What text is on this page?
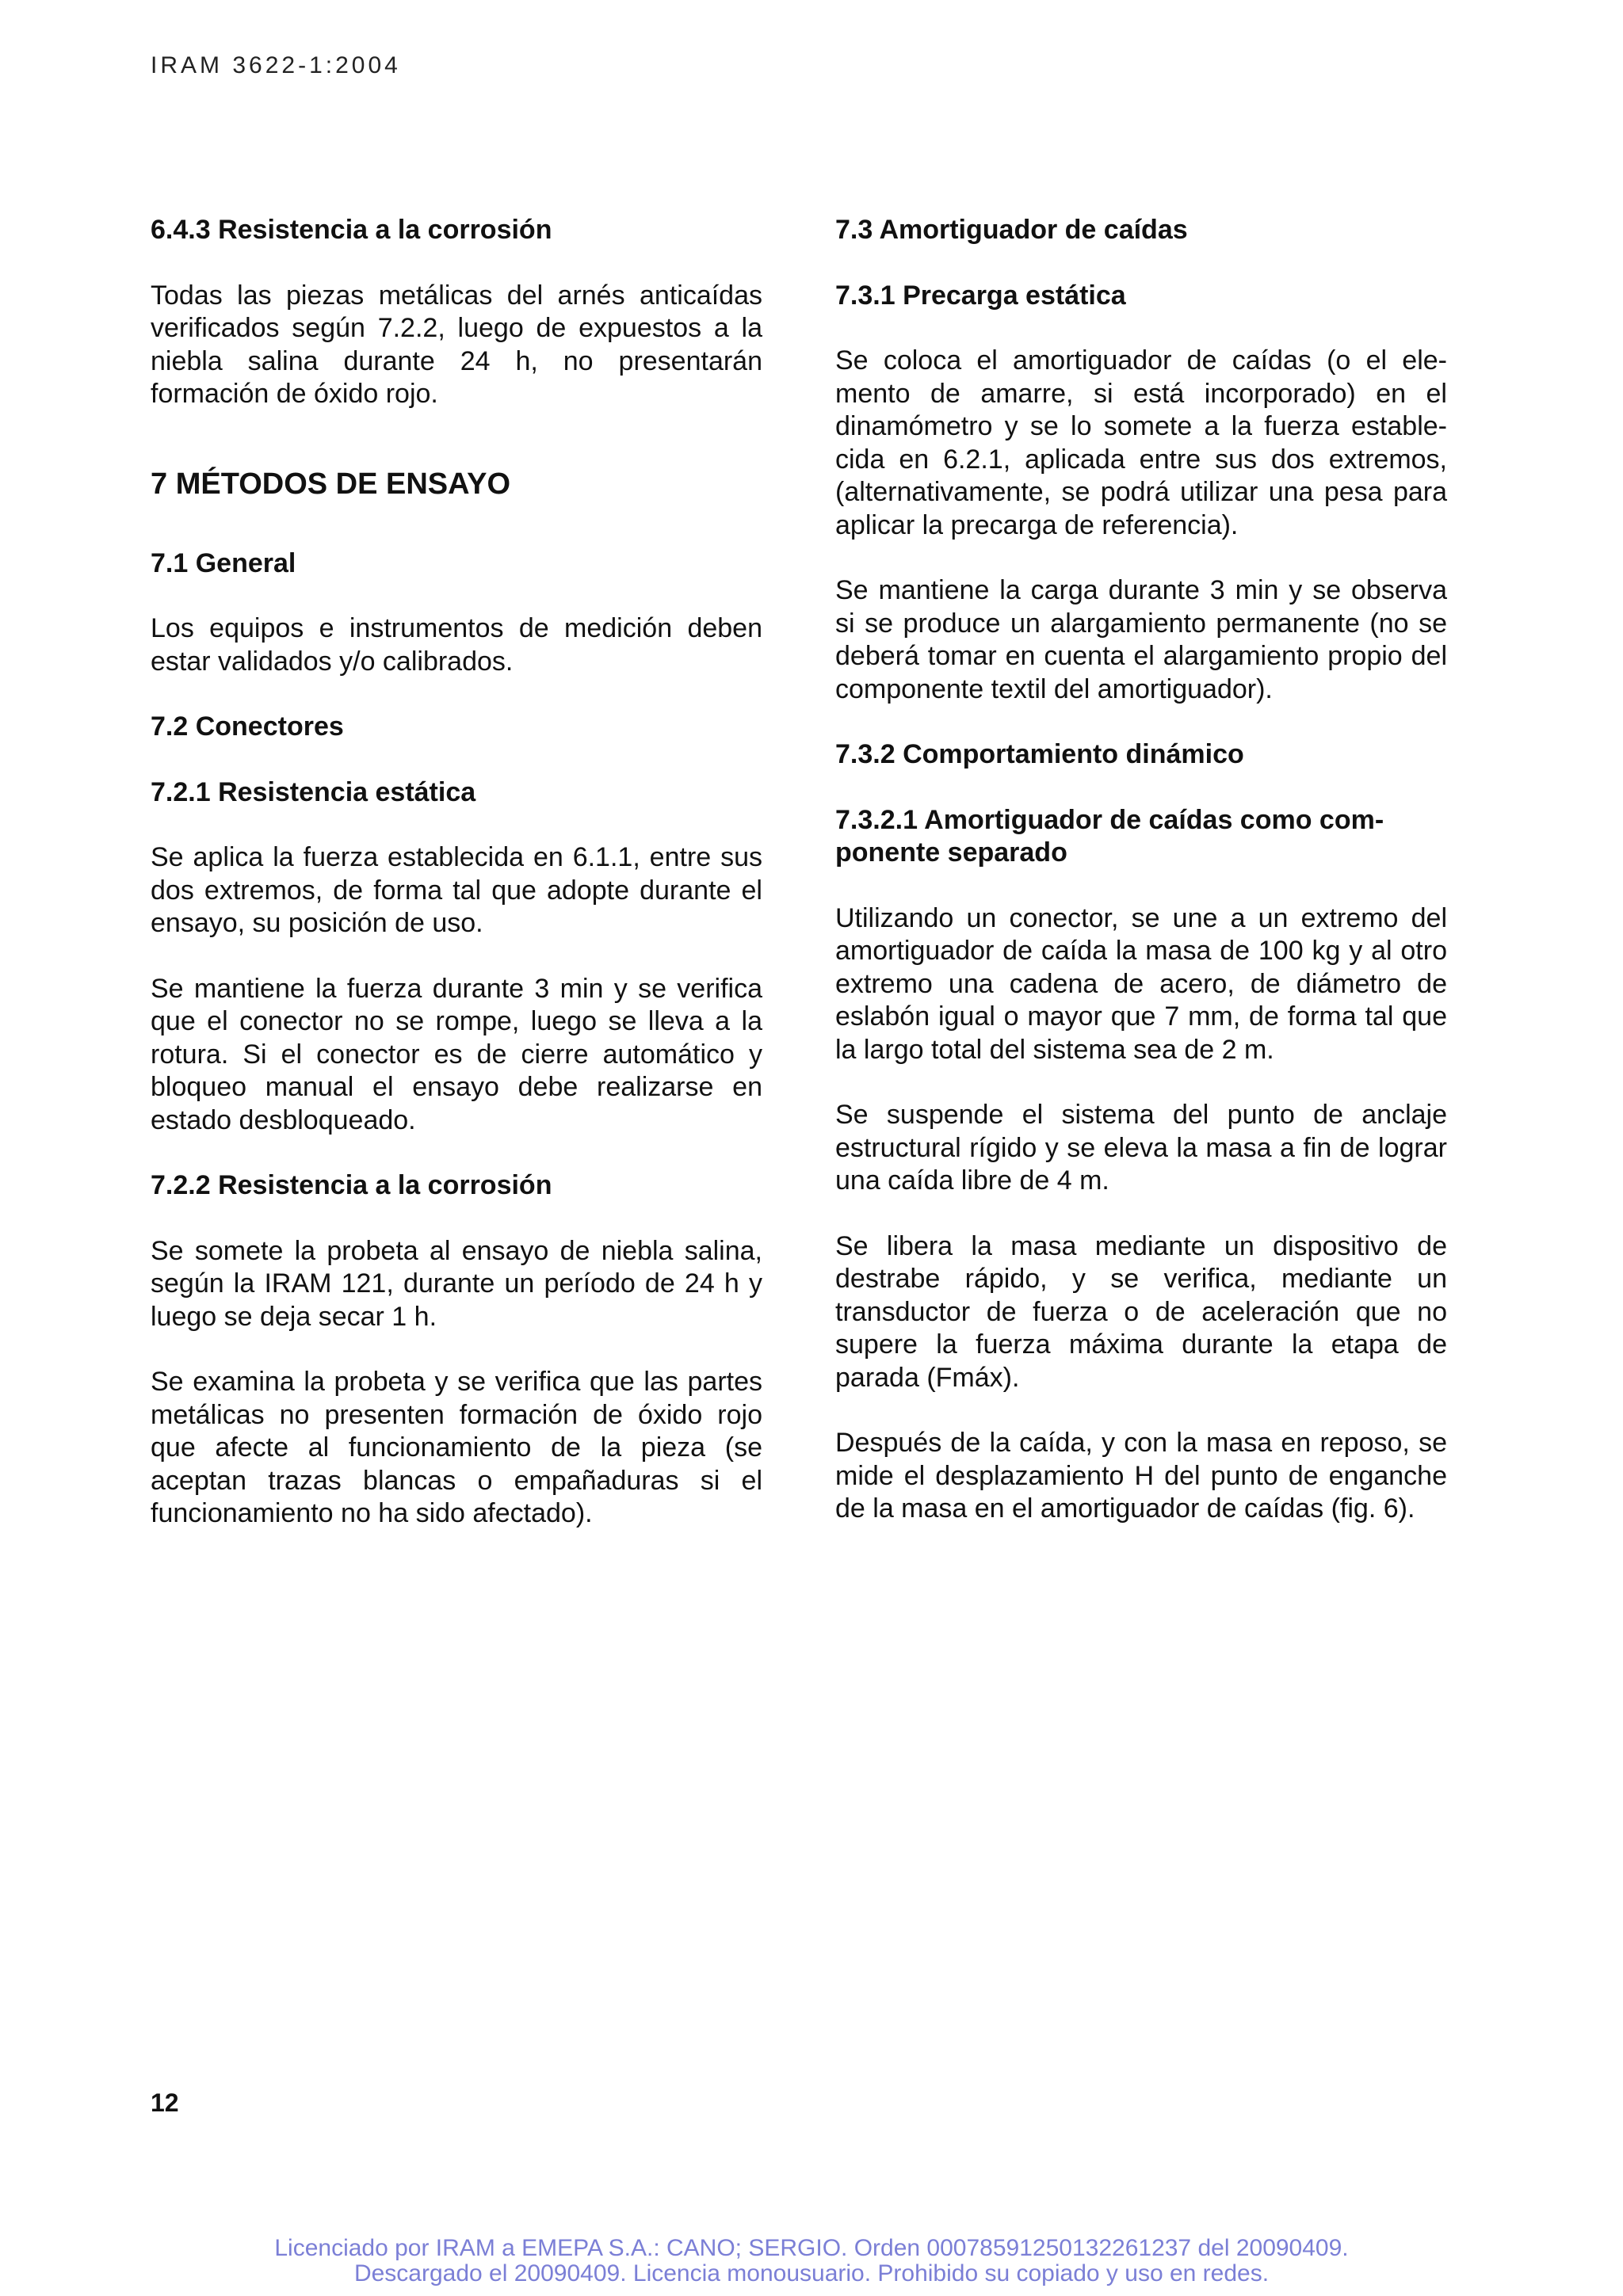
IRAM 3622-1:2004
6.4.3 Resistencia a la corrosión

Todas las piezas metálicas del arnés anticaídas verificados según 7.2.2, luego de expuestos a la niebla salina durante 24 h, no presentarán formación de óxido rojo.

7 MÉTODOS DE ENSAYO
7.1 General

Los equipos e instrumentos de medición deben estar validados y/o calibrados.

7.2 Conectores
7.2.1 Resistencia estática

Se aplica la fuerza establecida en 6.1.1, entre sus dos extremos, de forma tal que adopte durante el ensayo, su posición de uso.

Se mantiene la fuerza durante 3 min y se verifica que el conector no se rompe, luego se lleva a la rotura. Si el conector es de cierre automático y bloqueo manual el ensayo debe realizarse en estado desbloqueado.

7.2.2 Resistencia a la corrosión

Se somete la probeta al ensayo de niebla salina, según la IRAM 121, durante un período de 24 h y luego se deja secar 1 h.

Se examina la probeta y se verifica que las partes metálicas no presenten formación de óxido rojo que afecte al funcionamiento de la pieza (se aceptan trazas blancas o empañaduras si el funcionamiento no ha sido afectado).

7.3 Amortiguador de caídas
7.3.1 Precarga estática

Se coloca el amortiguador de caídas (o el elemento de amarre, si está incorporado) en el dinamómetro y se lo somete a la fuerza establecida en 6.2.1, aplicada entre sus dos extremos, (alternativamente, se podrá utilizar una pesa para aplicar la precarga de referencia).

Se mantiene la carga durante 3 min y se observa si se produce un alargamiento permanente (no se deberá tomar en cuenta el alargamiento propio del componente textil del amortiguador).

7.3.2 Comportamiento dinámico
7.3.2.1 Amortiguador de caídas como componente separado

Utilizando un conector, se une a un extremo del amortiguador de caída la masa de 100 kg y al otro extremo una cadena de acero, de diámetro de eslabón igual o mayor que 7 mm, de forma tal que la largo total del sistema sea de 2 m.

Se suspende el sistema del punto de anclaje estructural rígido y se eleva la masa a fin de lograr una caída libre de 4 m.

Se libera la masa mediante un dispositivo de destrabe rápido, y se verifica, mediante un transductor de fuerza o de aceleración que no supere la fuerza máxima durante la etapa de parada (Fmáx).

Después de la caída, y con la masa en reposo, se mide el desplazamiento H del punto de enganche de la masa en el amortiguador de caídas (fig. 6).

12
Licenciado por IRAM a EMEPA S.A.: CANO; SERGIO. Orden 00078591250132261237 del 20090409.
Descargado el 20090409. Licencia monousuario. Prohibido su copiado y uso en redes.
